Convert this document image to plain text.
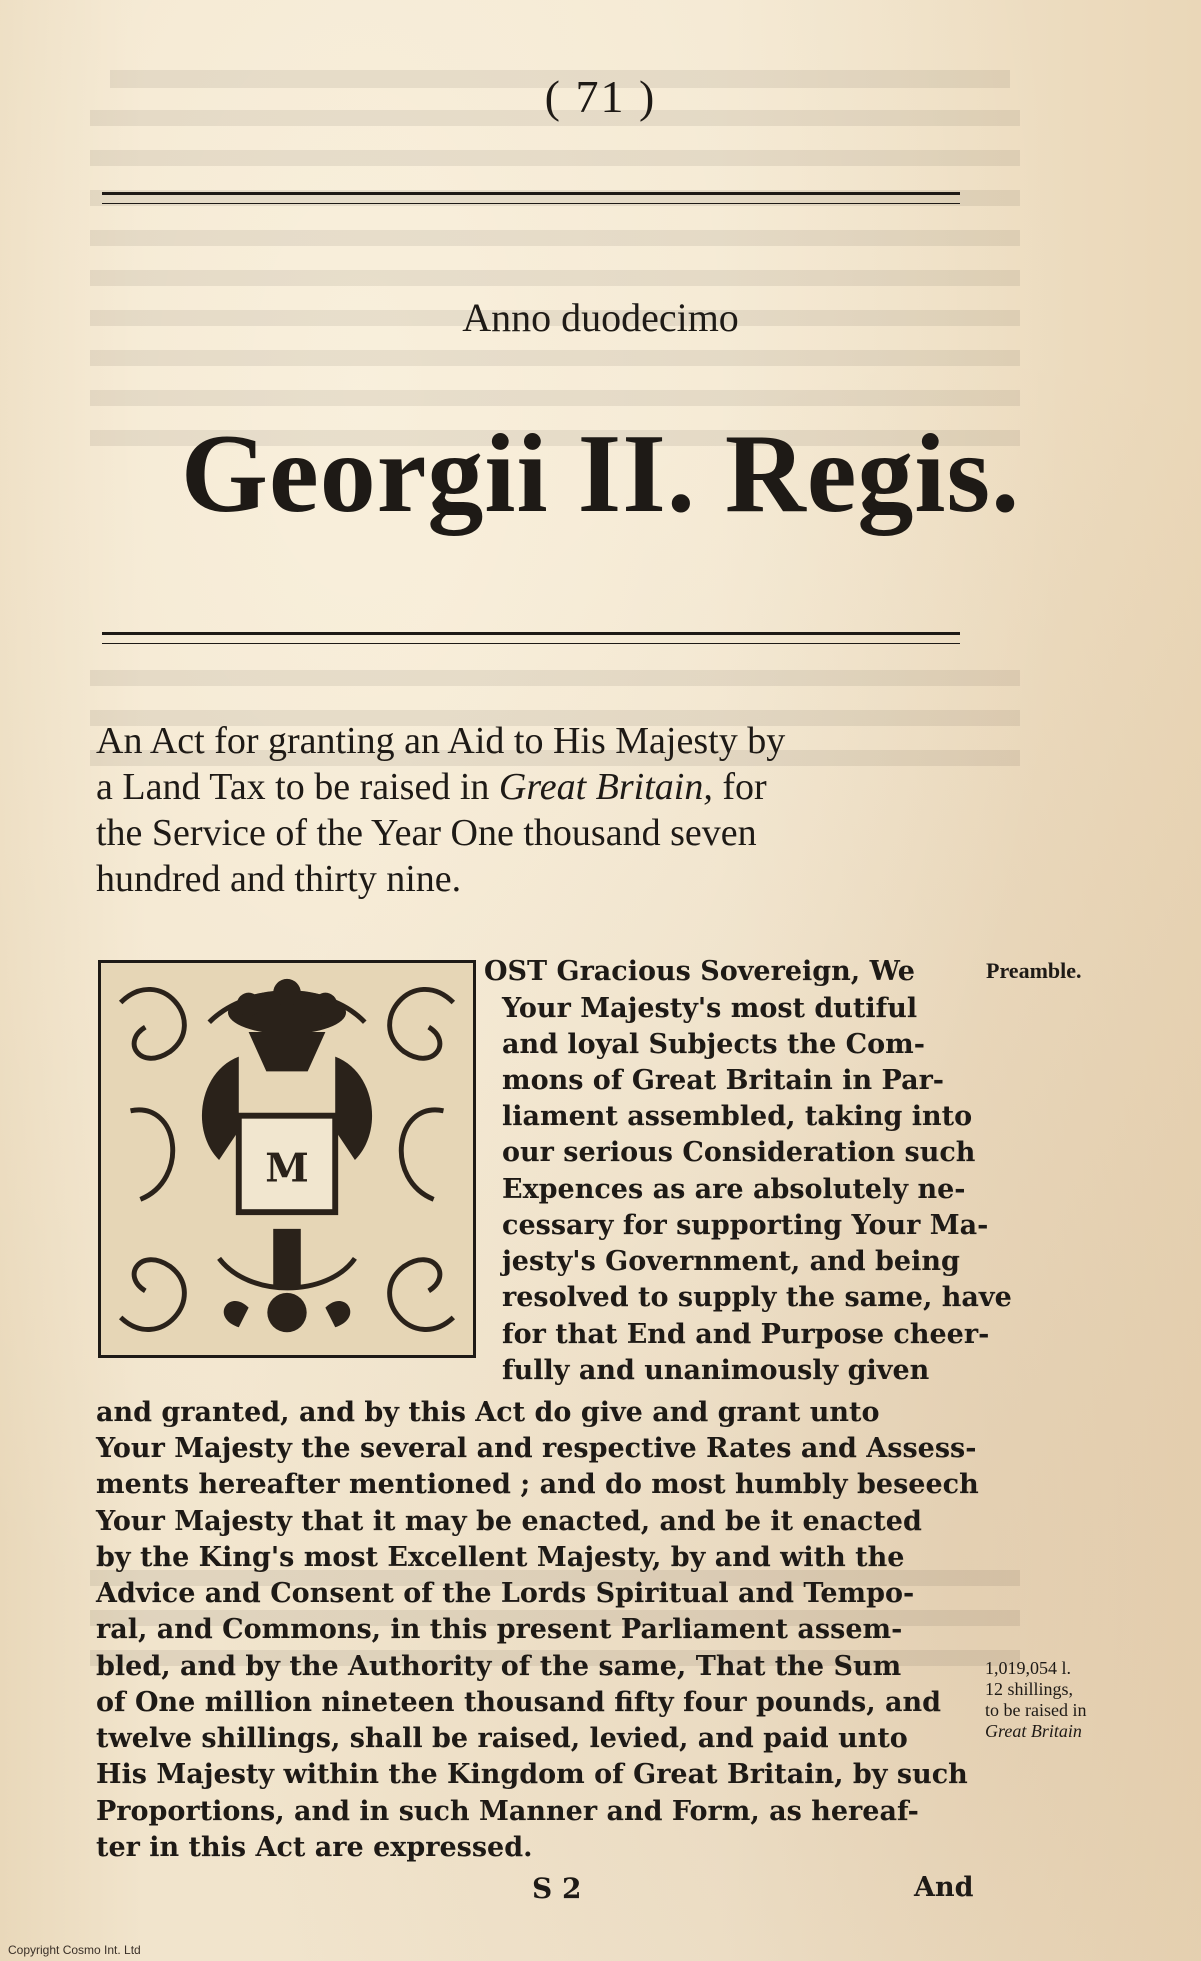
( 71 )
Anno duodecimo
Georgii II. Regis.
An Act for granting an Aid to His Majesty by
a Land Tax to be raised in Great Britain, for
the Service of the Year One thousand seven
hundred and thirty nine.
M
OST Gracious Sovereign, We
Your Majesty's most dutiful
and loyal Subjects the Com-
mons of Great Britain in Par-
liament assembled, taking into
our serious Consideration such
Expences as are absolutely ne-
cessary for supporting Your Ma-
jesty's Government, and being
resolved to supply the same, have
for that End and Purpose cheer-
fully and unanimously given
and granted, and by this Act do give and grant unto
Your Majesty the several and respective Rates and Assess-
ments hereafter mentioned ; and do most humbly beseech
Your Majesty that it may be enacted, and be it enacted
by the King's most Excellent Majesty, by and with the
Advice and Consent of the Lords Spiritual and Tempo-
ral, and Commons, in this present Parliament assem-
bled, and by the Authority of the same, That the Sum
of One million nineteen thousand fifty four pounds, and
twelve shillings, shall be raised, levied, and paid unto
His Majesty within the Kingdom of Great Britain, by such
Proportions, and in such Manner and Form, as hereaf-
ter in this Act are expressed.
Preamble.
1,019,054 l.
12 shillings,
to be raised in
Great Britain
S 2	And
Copyright Cosmo Int. Ltd
